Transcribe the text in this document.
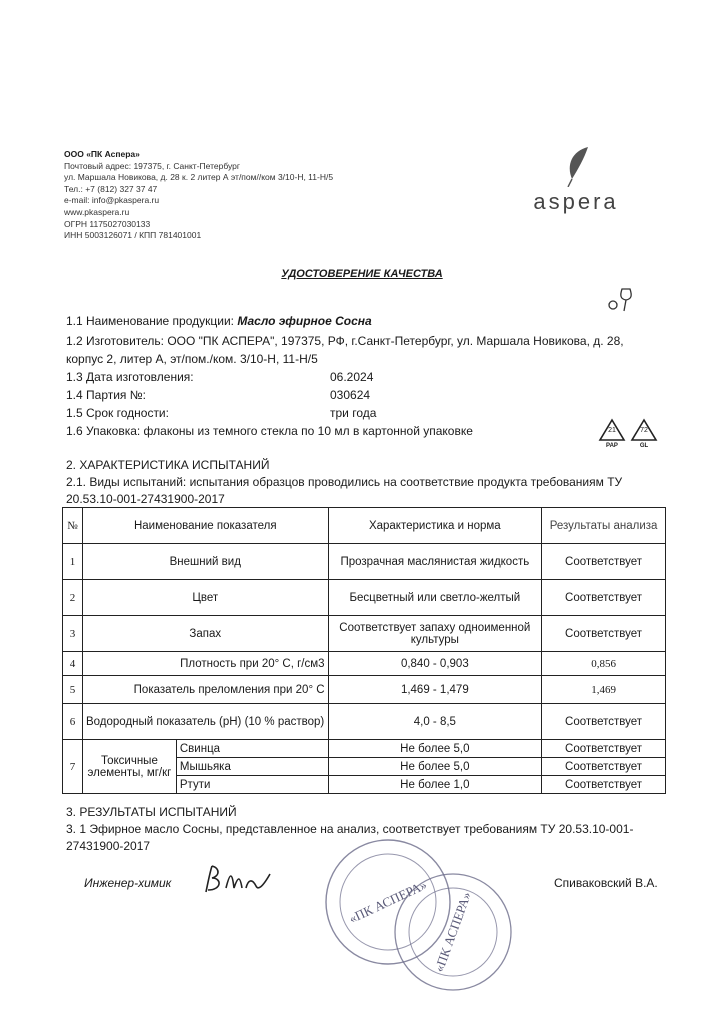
ООО «ПК Аспера»
Почтовый адрес: 197375, г. Санкт-Петербург
ул. Маршала Новикова, д. 28 к. 2 литер А эт/пом//ком 3/10-Н, 11-Н/5
Тел.: +7 (812) 327 37 47
e-mail: info@pkaspera.ru
www.pkaspera.ru
ОГРН 1175027030133
ИНН 5003126071 / КПП 781401001
aspera
УДОСТОВЕРЕНИЕ КАЧЕСТВА
1.1 Наименование продукции: Масло эфирное Сосна
1.2 Изготовитель: ООО "ПК АСПЕРА", 197375, РФ, г.Санкт-Петербург, ул. Маршала Новикова, д. 28,
корпус 2, литер А, эт/пом./ком. 3/10-Н, 11-Н/5
1.3 Дата изготовления:	06.2024
1.4 Партия №:	030624
1.5 Срок годности:	три года
1.6 Упаковка: флаконы из темного стекла по 10 мл в картонной упаковке	21
PAP
72
GL
2. ХАРАКТЕРИСТИКА ИСПЫТАНИЙ
2.1. Виды испытаний: испытания образцов проводились на соответствие продукта требованиям ТУ
20.53.10-001-27431900-2017
№	Наименование показателя		Характеристика и норма	Результаты анализа
1	Внешний вид		Прозрачная маслянистая жидкость	Соответствует
2	Цвет		Бесцветный или светло-желтый	Соответствует
3	Запах		Соответствует запаху одноименной культуры	Соответствует
4	Плотность при 20° С, г/см3		0,840 - 0,903	0,856
5	Показатель преломления при 20° С		1,469 - 1,479	1,469
6	Водородный показатель (pH) (10 % раствор)		4,0 - 8,5	Соответствует
7	Токсичные элементы, мг/кг	Свинца	Не более 5,0	Соответствует
		Мышьяка	Не более 5,0	Соответствует
		Ртути	Не более 1,0	Соответствует
3. РЕЗУЛЬТАТЫ ИСПЫТАНИЙ
3. 1 Эфирное масло Сосны, представленное на анализ, соответствует требованиям ТУ 20.53.10-001-
27431900-2017
Инженер-химик	Спиваковский В.А.
«ПК АСПЕРА» «ПК АСПЕРА»
